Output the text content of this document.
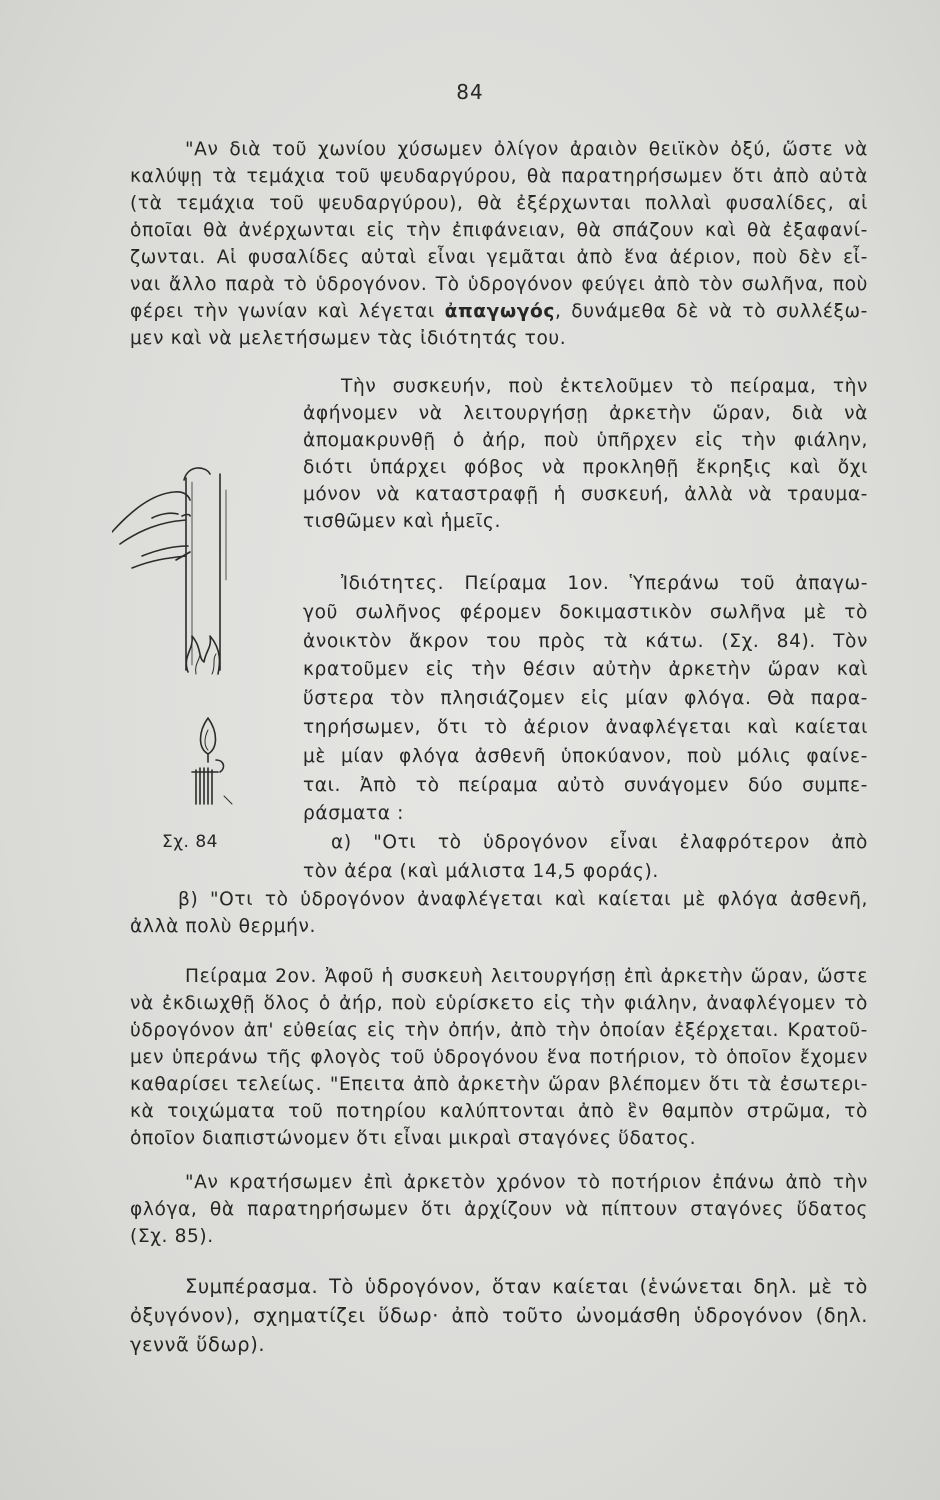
84
"Αν διὰ τοῦ χωνίου χύσωμεν ὀλίγον ἀραιὸν θειϊκὸν ὀξύ, ὥστε νὰ
καλύψῃ τὰ τεμάχια τοῦ ψευδαργύρου, θὰ παρατηρήσωμεν ὅτι ἀπὸ αὐτὰ
(τὰ τεμάχια τοῦ ψευδαργύρου), θὰ ἐξέρχωνται πολλαὶ φυσαλίδες, αἱ
ὁποῖαι θὰ ἀνέρχωνται εἰς τὴν ἐπιφάνειαν, θὰ σπάζουν καὶ θὰ ἐξαφανί-
ζωνται. Αἱ φυσαλίδες αὐταὶ εἶναι γεμᾶται ἀπὸ ἕνα ἀέριον, ποὺ δὲν εἶ-
ναι ἄλλο παρὰ τὸ ὑδρογόνον. Τὸ ὑδρογόνον φεύγει ἀπὸ τὸν σωλῆνα, ποὺ
φέρει τὴν γωνίαν καὶ λέγεται ἀπαγωγός, δυνάμεθα δὲ νὰ τὸ συλλέξω-
μεν καὶ νὰ μελετήσωμεν τὰς ἰδιότητάς του.
Τὴν συσκευήν, ποὺ ἐκτελοῦμεν τὸ πείραμα, τὴν
ἀφήνομεν νὰ λειτουργήσῃ ἀρκετὴν ὥραν, διὰ νὰ
ἀπομακρυνθῇ ὁ ἀήρ, ποὺ ὑπῆρχεν εἰς τὴν φιάλην,
διότι ὑπάρχει φόβος νὰ προκληθῇ ἔκρηξις καὶ ὄχι
μόνον νὰ καταστραφῇ ἡ συσκευή, ἀλλὰ νὰ τραυμα-
τισθῶμεν καὶ ἡμεῖς.
Ἰδιότητες. Πείραμα 1ον. Ὑπεράνω τοῦ ἀπαγω-
γοῦ σωλῆνος φέρομεν δοκιμαστικὸν σωλῆνα μὲ τὸ
ἀνοικτὸν ἄκρον του πρὸς τὰ κάτω. (Σχ. 84). Τὸν
κρατοῦμεν εἰς τὴν θέσιν αὐτὴν ἀρκετὴν ὥραν καὶ
ὕστερα τὸν πλησιάζομεν εἰς μίαν φλόγα. Θὰ παρα-
τηρήσωμεν, ὅτι τὸ ἀέριον ἀναφλέγεται καὶ καίεται
μὲ μίαν φλόγα ἀσθενῆ ὑποκύανον, ποὺ μόλις φαίνε-
ται. Ἀπὸ τὸ πείραμα αὐτὸ συνάγομεν δύο συμπε-
ράσματα :
α) "Οτι τὸ ὑδρογόνον εἶναι ἐλαφρότερον ἀπὸ
τὸν ἀέρα (καὶ μάλιστα 14,5 φοράς).
Σχ. 84
β) "Οτι τὸ ὑδρογόνον ἀναφλέγεται καὶ καίεται μὲ φλόγα ἀσθενῆ,
ἀλλὰ πολὺ θερμήν.
Πείραμα 2ον. Ἀφοῦ ἡ συσκευὴ λειτουργήσῃ ἐπὶ ἀρκετὴν ὥραν, ὥστε
νὰ ἐκδιωχθῇ ὅλος ὁ ἀήρ, ποὺ εὑρίσκετο εἰς τὴν φιάλην, ἀναφλέγομεν τὸ
ὑδρογόνον ἀπ' εὐθείας εἰς τὴν ὀπήν, ἀπὸ τὴν ὁποίαν ἐξέρχεται. Κρατοῦ-
μεν ὑπεράνω τῆς φλογὸς τοῦ ὑδρογόνου ἕνα ποτήριον, τὸ ὁποῖον ἔχομεν
καθαρίσει τελείως. "Επειτα ἀπὸ ἀρκετὴν ὥραν βλέπομεν ὅτι τὰ ἐσωτερι-
κὰ τοιχώματα τοῦ ποτηρίου καλύπτονται ἀπὸ ἓν θαμπὸν στρῶμα, τὸ
ὁποῖον διαπιστώνομεν ὅτι εἶναι μικραὶ σταγόνες ὕδατος.
"Αν κρατήσωμεν ἐπὶ ἀρκετὸν χρόνον τὸ ποτήριον ἐπάνω ἀπὸ τὴν
φλόγα, θὰ παρατηρήσωμεν ὅτι ἀρχίζουν νὰ πίπτουν σταγόνες ὕδατος
(Σχ. 85).
Συμπέρασμα. Τὸ ὑδρογόνον, ὅταν καίεται (ἑνώνεται δηλ. μὲ τὸ
ὀξυγόνον), σχηματίζει ὕδωρ· ἀπὸ τοῦτο ὠνομάσθη ὑδρογόνον (δηλ.
γεννᾶ ὕδωρ).
